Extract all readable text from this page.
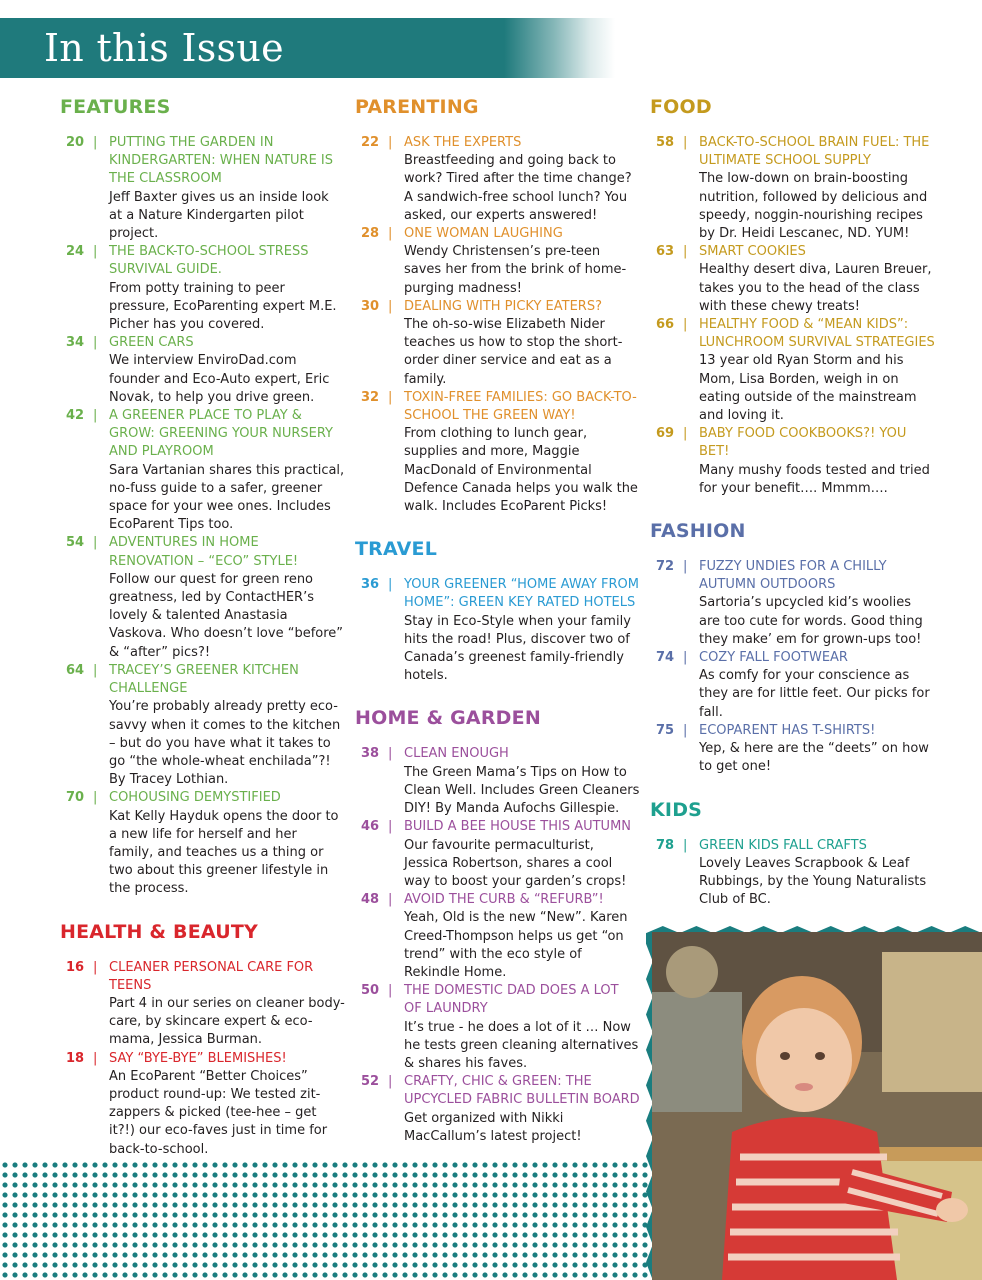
In this Issue
FEATURES
20 | PUTTING THE GARDEN IN KINDERGARTEN: WHEN NATURE IS THE CLASSROOM
Jeff Baxter gives us an inside look at a Nature Kindergarten pilot project.
24 | THE BACK-TO-SCHOOL STRESS SURVIVAL GUIDE.
From potty training to peer pressure, EcoParenting expert M.E. Picher has you covered.
34 | GREEN CARS
We interview EnviroDad.com founder and Eco-Auto expert, Eric Novak, to help you drive green.
42 | A GREENER PLACE TO PLAY & GROW: GREENING YOUR NURSERY AND PLAYROOM
Sara Vartanian shares this practical, no-fuss guide to a safer, greener space for your wee ones. Includes EcoParent Tips too.
54 | ADVENTURES IN HOME RENOVATION – “ECO” STYLE!
Follow our quest for green reno greatness, led by ContactHER’s lovely & talented Anastasia Vaskova. Who doesn’t love “before” & “after” pics?!
64 | TRACEY’S GREENER KITCHEN CHALLENGE
You’re probably already pretty eco-savvy when it comes to the kitchen – but do you have what it takes to go “the whole-wheat enchilada”?! By Tracey Lothian.
70 | COHOUSING DEMYSTIFIED
Kat Kelly Hayduk opens the door to a new life for herself and her family, and teaches us a thing or two about this greener lifestyle in the process.
HEALTH & BEAUTY
16 | CLEANER PERSONAL CARE FOR TEENS
Part 4 in our series on cleaner body-care, by skincare expert & eco-mama, Jessica Burman.
18 | SAY “BYE-BYE” BLEMISHES!
An EcoParent “Better Choices” product round-up: We tested zit-zappers & picked (tee-hee – get it?!) our eco-faves just in time for back-to-school.
PARENTING
22 | ASK THE EXPERTS
Breastfeeding and going back to work? Tired after the time change? A sandwich-free school lunch? You asked, our experts answered!
28 | ONE WOMAN LAUGHING
Wendy Christensen’s pre-teen saves her from the brink of home-purging madness!
30 | DEALING WITH PICKY EATERS?
The oh-so-wise Elizabeth Nider teaches us how to stop the short-order diner service and eat as a family.
32 | TOXIN-FREE FAMILIES: GO BACK-TO-SCHOOL THE GREEN WAY!
From clothing to lunch gear, supplies and more, Maggie MacDonald of Environmental Defence Canada helps you walk the walk. Includes EcoParent Picks!
TRAVEL
36 | YOUR GREENER “HOME AWAY FROM HOME”: GREEN KEY RATED HOTELS
Stay in Eco-Style when your family hits the road! Plus, discover two of Canada’s greenest family-friendly hotels.
HOME & GARDEN
38 | CLEAN ENOUGH
The Green Mama’s Tips on How to Clean Well. Includes Green Cleaners DIY! By Manda Aufochs Gillespie.
46 | BUILD A BEE HOUSE THIS AUTUMN
Our favourite permaculturist, Jessica Robertson, shares a cool way to boost your garden’s crops!
48 | AVOID THE CURB & “REFURB”!
Yeah, Old is the new “New”. Karen Creed-Thompson helps us get “on trend” with the eco style of Rekindle Home.
50 | THE DOMESTIC DAD DOES A LOT OF LAUNDRY
It’s true - he does a lot of it … Now he tests green cleaning alternatives & shares his faves.
52 | CRAFTY, CHIC & GREEN: THE UPCYCLED FABRIC BULLETIN BOARD
Get organized with Nikki MacCallum’s latest project!
FOOD
58 | BACK-TO-SCHOOL BRAIN FUEL: THE ULTIMATE SCHOOL SUPPLY
The low-down on brain-boosting nutrition, followed by delicious and speedy, noggin-nourishing recipes by Dr. Heidi Lescanec, ND. YUM!
63 | SMART COOKIES
Healthy desert diva, Lauren Breuer, takes you to the head of the class with these chewy treats!
66 | HEALTHY FOOD & “MEAN KIDS”: LUNCHROOM SURVIVAL STRATEGIES
13 year old Ryan Storm and his Mom, Lisa Borden, weigh in on eating outside of the mainstream and loving it.
69 | BABY FOOD COOKBOOKS?! YOU BET!
Many mushy foods tested and tried for your benefit…. Mmmm….
FASHION
72 | FUZZY UNDIES FOR A CHILLY AUTUMN OUTDOORS
Sartoria’s upcycled kid’s woolies are too cute for words. Good thing they make’ em for grown-ups too!
74 | COZY FALL FOOTWEAR
As comfy for your conscience as they are for little feet. Our picks for fall.
75 | ECOPARENT HAS T-SHIRTS!
Yep, & here are the “deets” on how to get one!
KIDS
78 | GREEN KIDS FALL CRAFTS
Lovely Leaves Scrapbook & Leaf Rubbings, by the Young Naturalists Club of BC.
